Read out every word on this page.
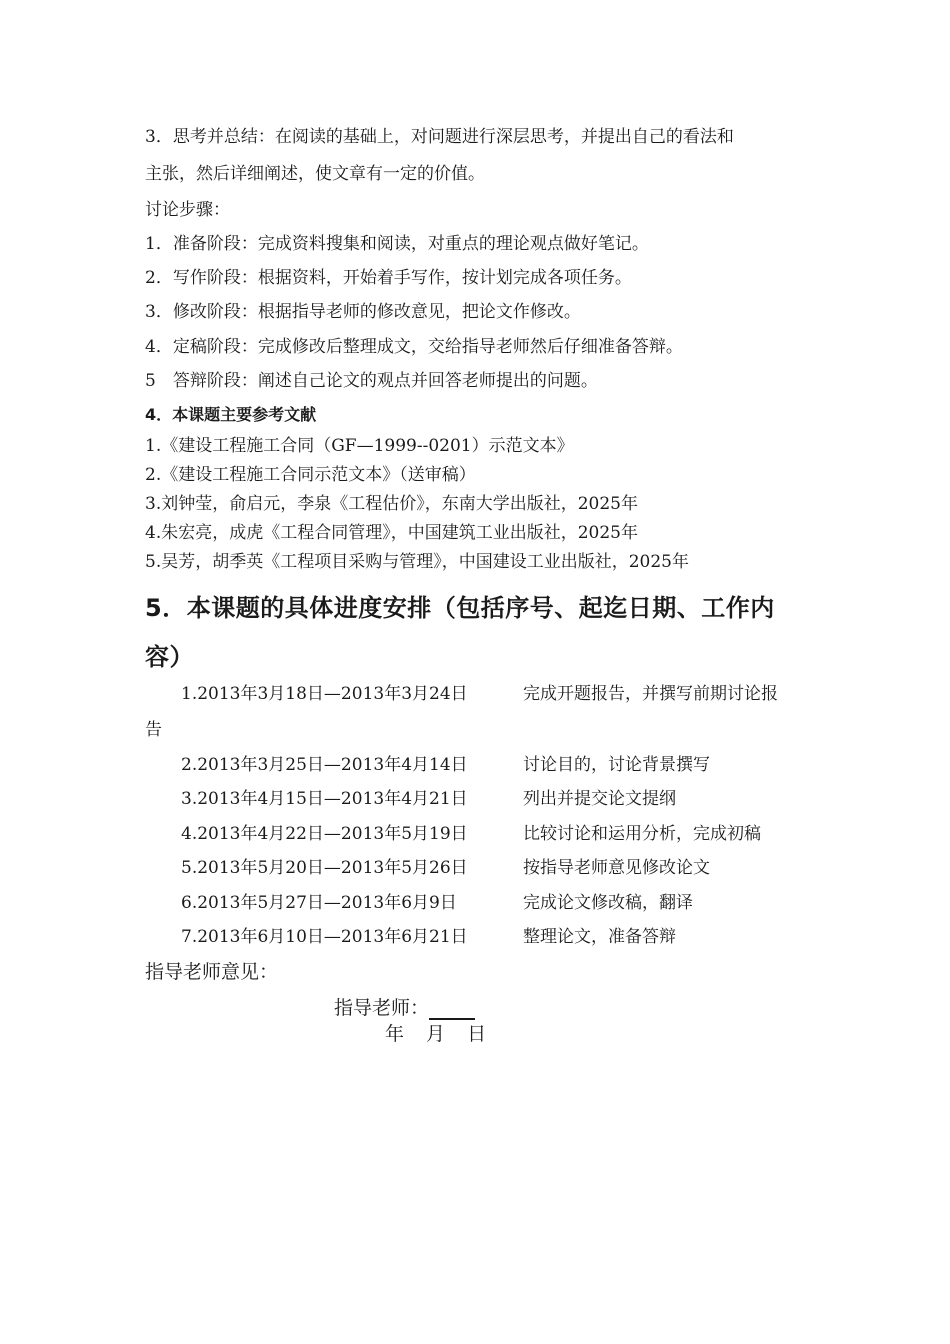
3．思考并总结：在阅读的基础上，对问题进行深层思考，并提出自己的看法和
主张，然后详细阐述，使文章有一定的价值。
讨论步骤：
1．准备阶段：完成资料搜集和阅读，对重点的理论观点做好笔记。
2．写作阶段：根据资料，开始着手写作，按计划完成各项任务。
3．修改阶段：根据指导老师的修改意见，把论文作修改。
4．定稿阶段：完成修改后整理成文，交给指导老师然后仔细准备答辩。
5　答辩阶段：阐述自己论文的观点并回答老师提出的问题。
4．本课题主要参考文献
1.《建设工程施工合同（GF—1999--0201）示范文本》
2.《建设工程施工合同示范文本》（送审稿）
3.刘钟莹，俞启元，李泉《工程估价》，东南大学出版社，2025年
4.朱宏亮，成虎《工程合同管理》，中国建筑工业出版社，2025年
5.吴芳，胡季英《工程项目采购与管理》，中国建设工业出版社，2025年
5．本课题的具体进度安排（包括序号、起迄日期、工作内
容）
1.2013年3月18日—2013年3月24日	完成开题报告，并撰写前期讨论报
告
2.2013年3月25日—2013年4月14日	讨论目的，讨论背景撰写
3.2013年4月15日—2013年4月21日	列出并提交论文提纲
4.2013年4月22日—2013年5月19日	比较讨论和运用分析，完成初稿
5.2013年5月20日—2013年5月26日	按指导老师意见修改论文
6.2013年5月27日—2013年6月9日	完成论文修改稿，翻译
7.2013年6月10日—2013年6月21日	整理论文，准备答辩
指导老师意见：
指导老师：
年 月 日
